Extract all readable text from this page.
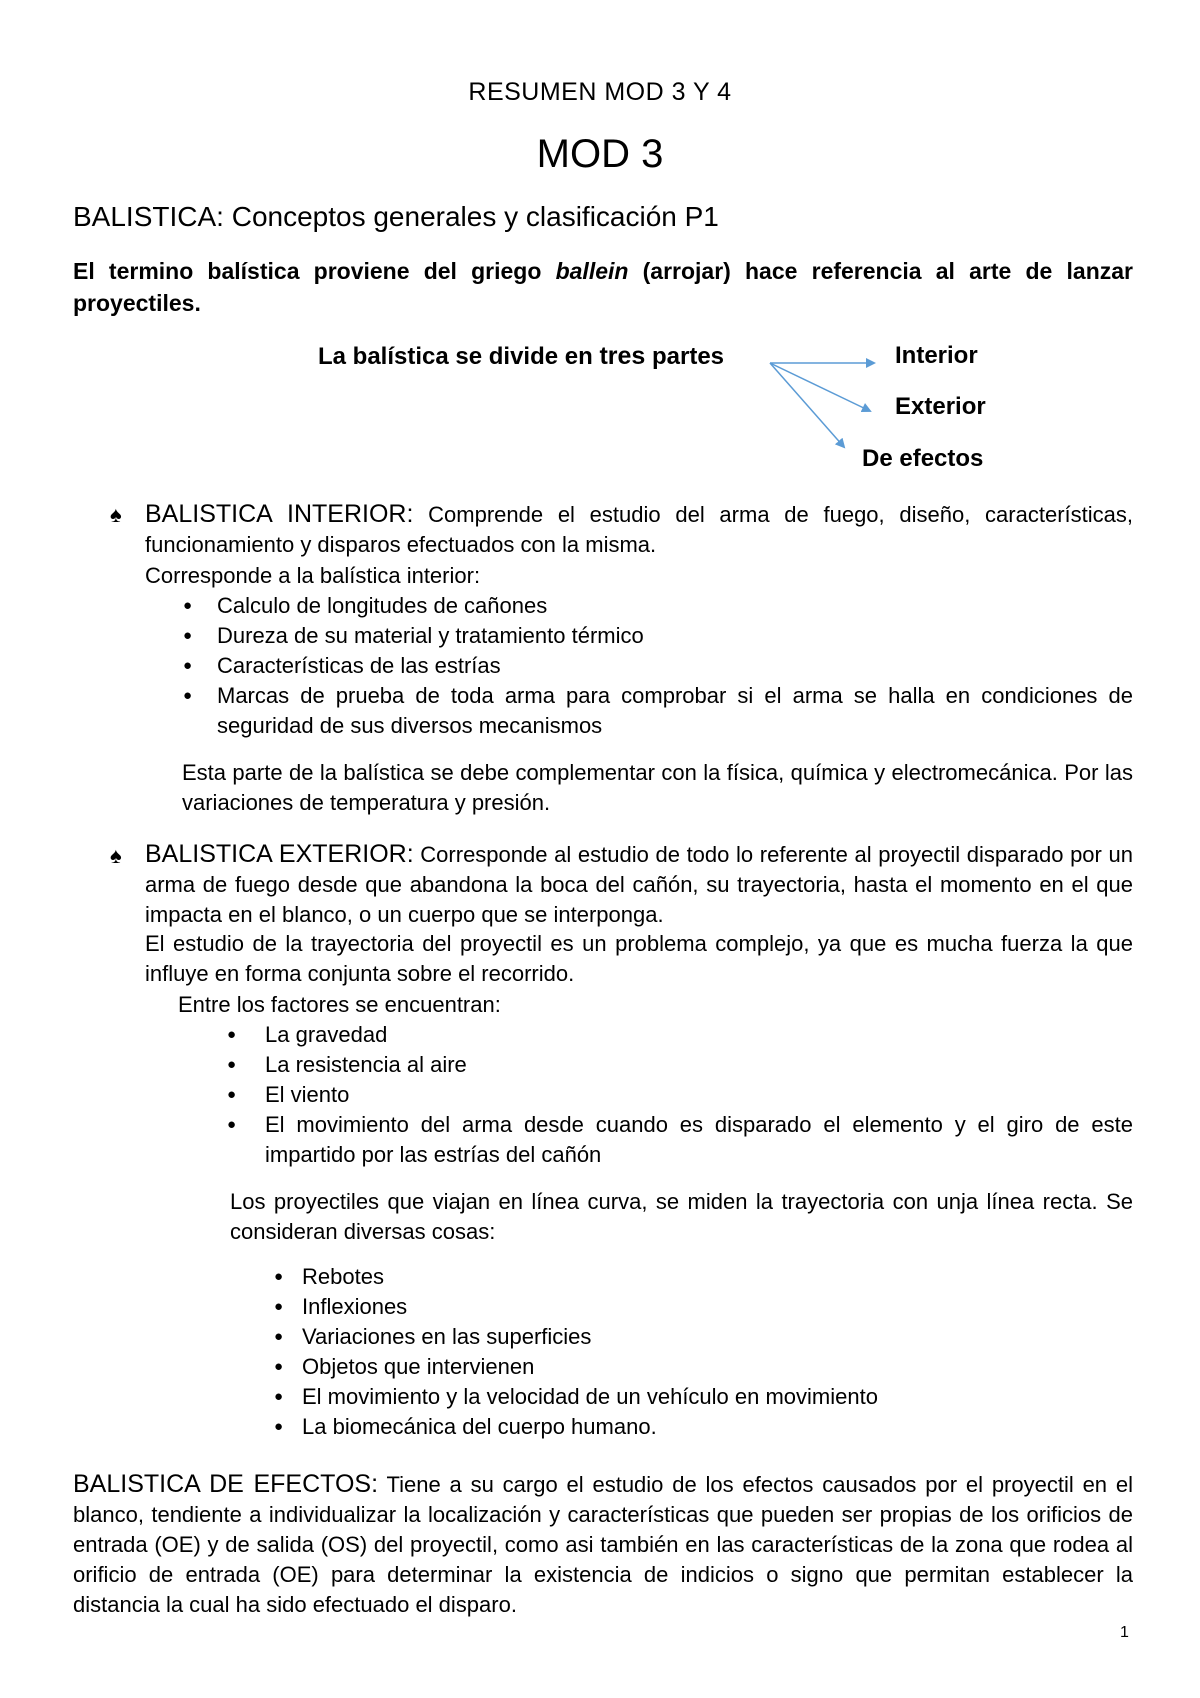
RESUMEN MOD 3 Y 4
MOD 3
BALISTICA: Conceptos generales y clasificación P1
El termino balística proviene del griego ballein (arrojar) hace referencia al arte de lanzar proyectiles.
La balística se divide en tres partes	Interior
Exterior
De efectos
♠ BALISTICA INTERIOR: Comprende el estudio del arma de fuego, diseño, características, funcionamiento y disparos efectuados con la misma.
Corresponde a la balística interior:
● Calculo de longitudes de cañones
● Dureza de su material y tratamiento térmico
● Características de las estrías
● Marcas de prueba de toda arma para comprobar si el arma se halla en condiciones de seguridad de sus diversos mecanismos
Esta parte de la balística se debe complementar con la física, química y electromecánica. Por las variaciones de temperatura y presión.
♠ BALISTICA EXTERIOR: Corresponde al estudio de todo lo referente al proyectil disparado por un arma de fuego desde que abandona la boca del cañón, su trayectoria, hasta el momento en el que impacta en el blanco, o un cuerpo que se interponga.
El estudio de la trayectoria del proyectil es un problema complejo, ya que es mucha fuerza la que influye en forma conjunta sobre el recorrido.
Entre los factores se encuentran:
● La gravedad
● La resistencia al aire
● El viento
● El movimiento del arma desde cuando es disparado el elemento y el giro de este impartido por las estrías del cañón
Los proyectiles que viajan en línea curva, se miden la trayectoria con unja línea recta. Se consideran diversas cosas:
● Rebotes
● Inflexiones
● Variaciones en las superficies
● Objetos que intervienen
● El movimiento y la velocidad de un vehículo en movimiento
● La biomecánica del cuerpo humano.
BALISTICA DE EFECTOS: Tiene a su cargo el estudio de los efectos causados por el proyectil en el blanco, tendiente a individualizar la localización y características que pueden ser propias de los orificios de entrada (OE) y de salida (OS) del proyectil, como asi también en las características de la zona que rodea al orificio de entrada (OE) para determinar la existencia de indicios o signo que permitan establecer la distancia la cual ha sido efectuado el disparo.
1
